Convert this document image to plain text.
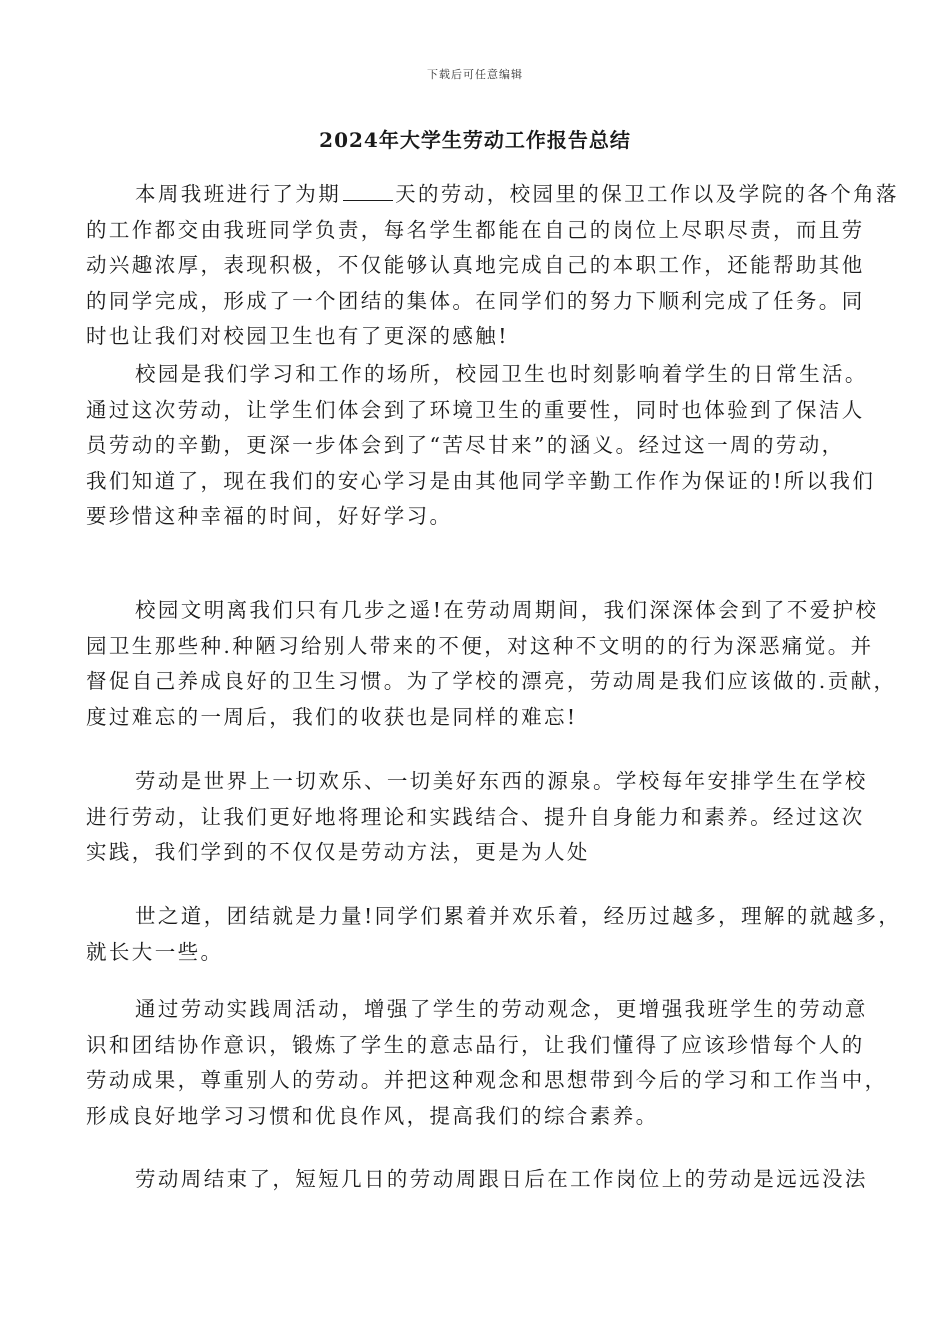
下载后可任意编辑
2024年大学生劳动工作报告总结
本周我班进行了为期	天的劳动，校园里的保卫工作以及学院的各个角落
的工作都交由我班同学负责，每名学生都能在自己的岗位上尽职尽责，而且劳
动兴趣浓厚，表现积极，不仅能够认真地完成自己的本职工作，还能帮助其他
的同学完成，形成了一个团结的集体。在同学们的努力下顺利完成了任务。同
时也让我们对校园卫生也有了更深的感触!
校园是我们学习和工作的场所，校园卫生也时刻影响着学生的日常生活。
通过这次劳动，让学生们体会到了环境卫生的重要性，同时也体验到了保洁人
员劳动的辛勤，更深一步体会到了“苦尽甘来”的涵义。经过这一周的劳动，
我们知道了，现在我们的安心学习是由其他同学辛勤工作作为保证的!所以我们
要珍惜这种幸福的时间，好好学习。
校园文明离我们只有几步之遥!在劳动周期间，我们深深体会到了不爱护校
园卫生那些种.种陋习给别人带来的不便，对这种不文明的的行为深恶痛觉。并
督促自己养成良好的卫生习惯。为了学校的漂亮，劳动周是我们应该做的.贡献，
度过难忘的一周后，我们的收获也是同样的难忘!
劳动是世界上一切欢乐、一切美好东西的源泉。学校每年安排学生在学校
进行劳动，让我们更好地将理论和实践结合、提升自身能力和素养。经过这次
实践，我们学到的不仅仅是劳动方法，更是为人处
世之道，团结就是力量!同学们累着并欢乐着，经历过越多，理解的就越多，
就长大一些。
通过劳动实践周活动，增强了学生的劳动观念，更增强我班学生的劳动意
识和团结协作意识，锻炼了学生的意志品行，让我们懂得了应该珍惜每个人的
劳动成果，尊重别人的劳动。并把这种观念和思想带到今后的学习和工作当中，
形成良好地学习习惯和优良作风，提高我们的综合素养。
劳动周结束了，短短几日的劳动周跟日后在工作岗位上的劳动是远远没法
